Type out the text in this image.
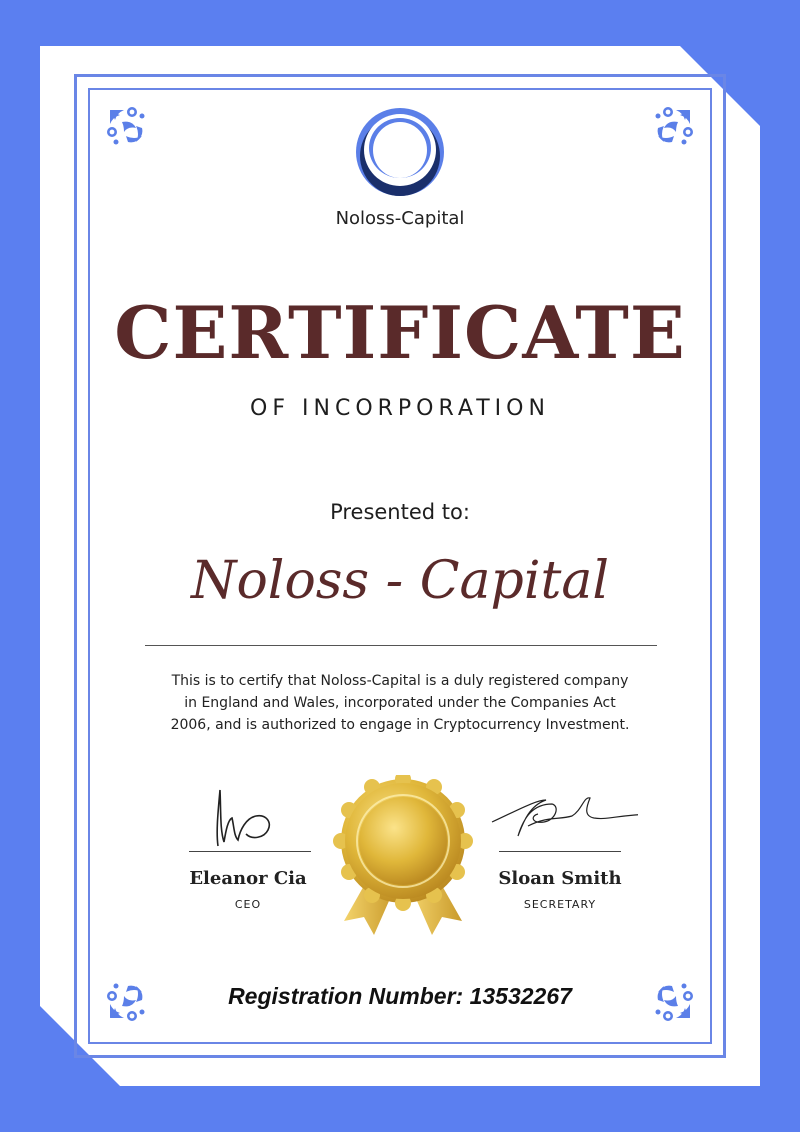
Noloss-Capital
CERTIFICATE
OF INCORPORATION
Presented to:
Noloss - Capital
This is to certify that Noloss-Capital is a duly registered company in England and Wales, incorporated under the Companies Act 2006, and is authorized to engage in Cryptocurrency Investment.
Eleanor Cia
CEO
Sloan Smith
SECRETARY
Registration Number: 13532267
